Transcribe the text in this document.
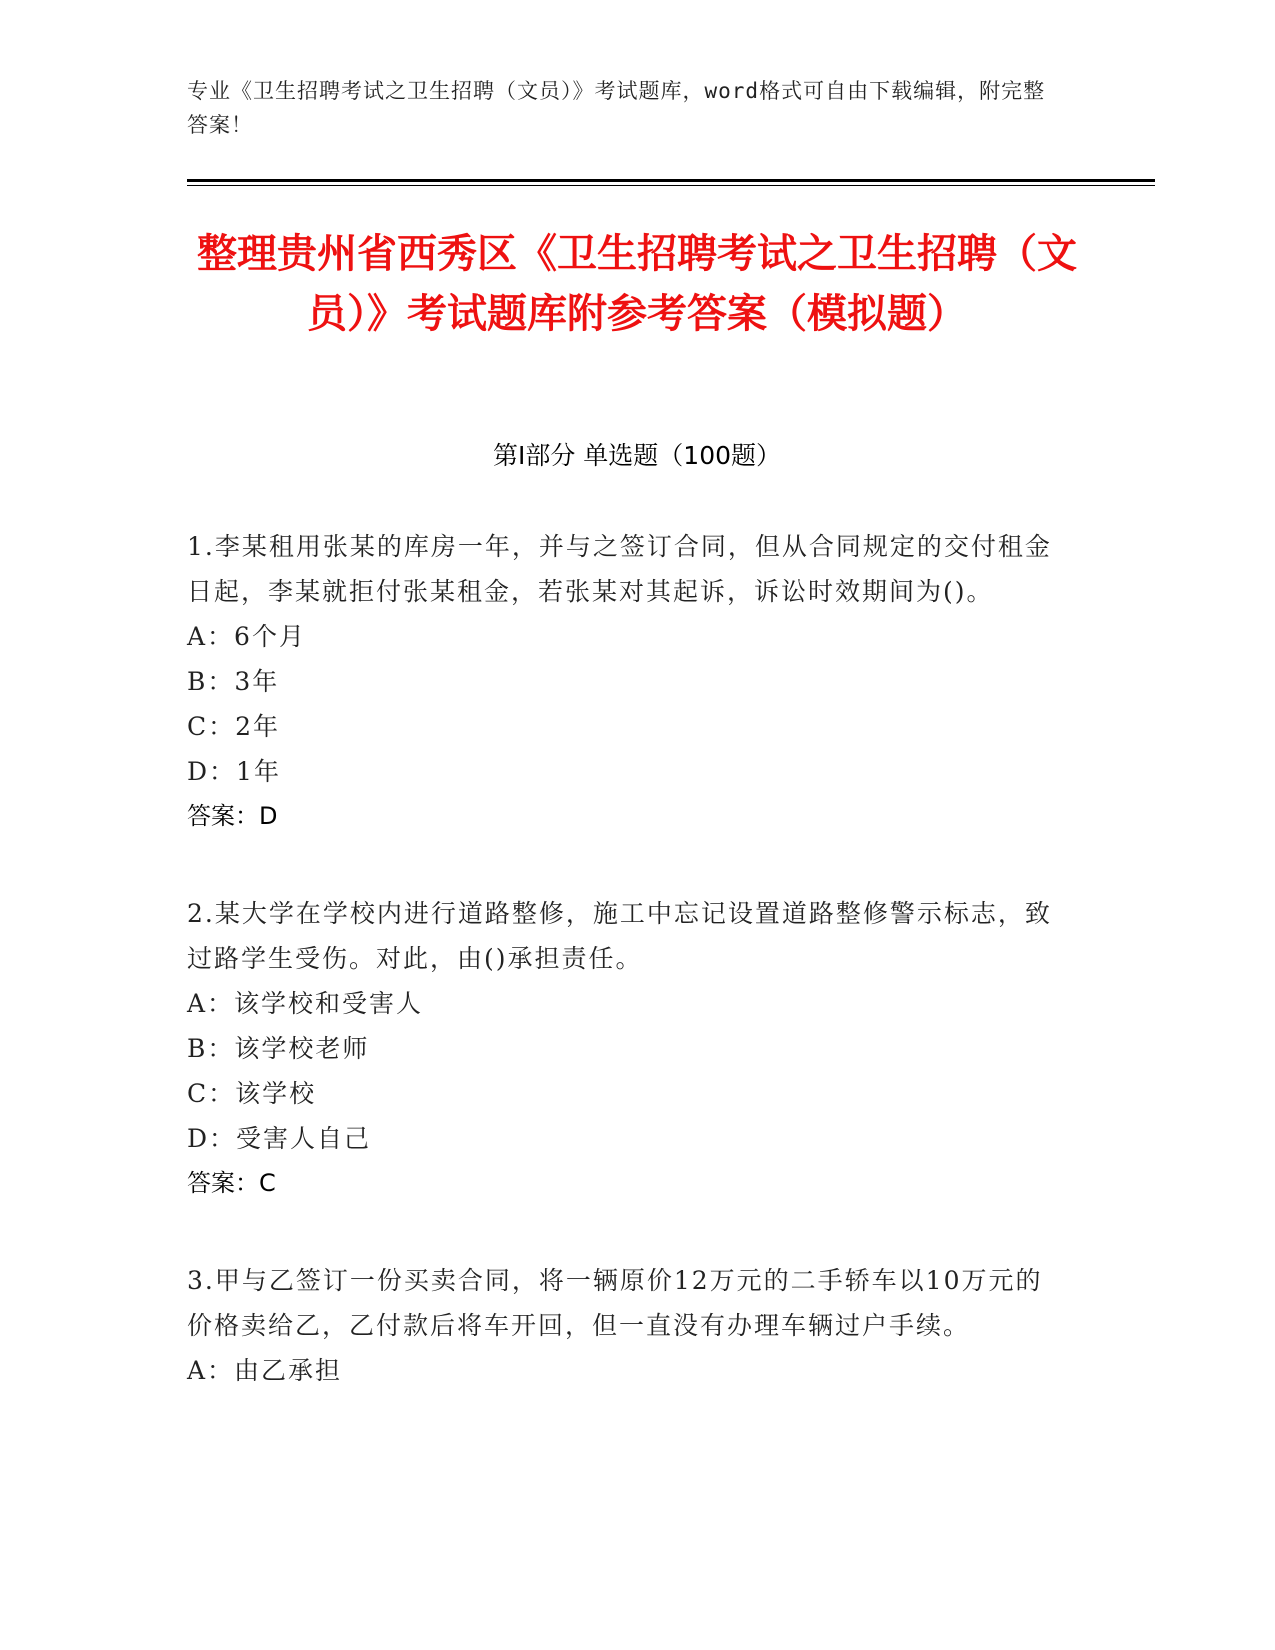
专业《卫生招聘考试之卫生招聘（文员）》考试题库，word格式可自由下载编辑，附完整答案！
整理贵州省西秀区《卫生招聘考试之卫生招聘（文员）》考试题库附参考答案（模拟题）
第Ⅰ部分 单选题（100题）
1.李某租用张某的库房一年，并与之签订合同，但从合同规定的交付租金日起，李某就拒付张某租金，若张某对其起诉，诉讼时效期间为()。
A：6个月
B：3年
C：2年
D：1年
答案：D
2.某大学在学校内进行道路整修，施工中忘记设置道路整修警示标志，致过路学生受伤。对此，由()承担责任。
A：该学校和受害人
B：该学校老师
C：该学校
D：受害人自己
答案：C
3.甲与乙签订一份买卖合同，将一辆原价12万元的二手轿车以10万元的价格卖给乙，乙付款后将车开回，但一直没有办理车辆过户手续。
A：由乙承担
